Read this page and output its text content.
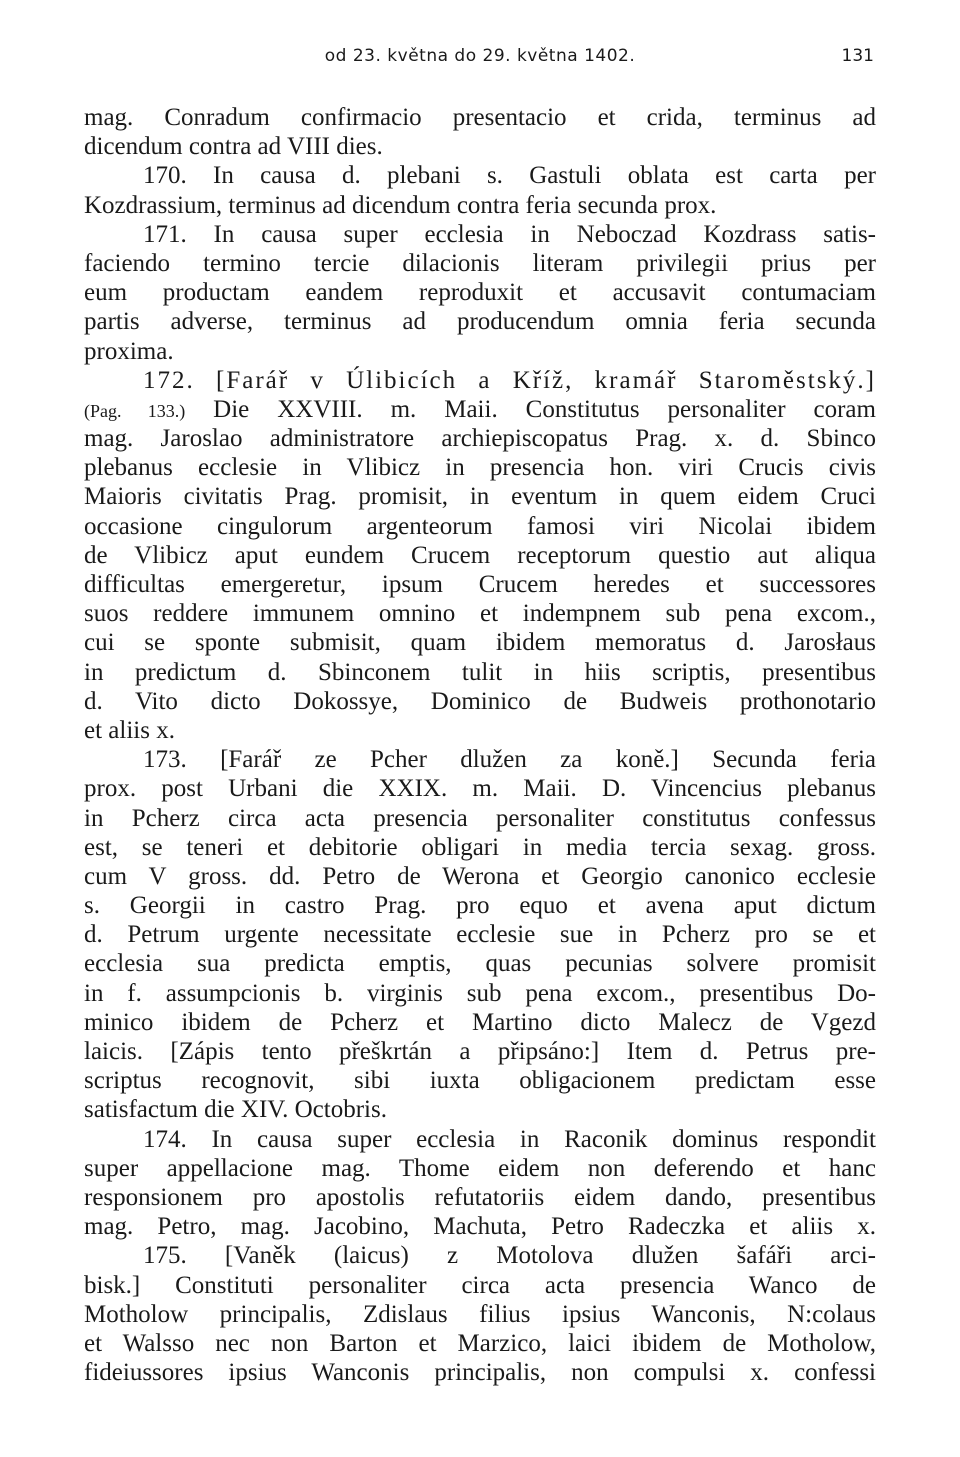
od 23. května do 29. května 1402.	131
mag. Conradum confirmacio presentacio et crida, terminus ad
dicendum contra ad VIII dies.
170. In causa d. plebani s. Gastuli oblata est carta per
Kozdrassium, terminus ad dicendum contra feria secunda prox.
171. In causa super ecclesia in Neboczad Kozdrass satis-
faciendo termino tercie dilacionis literam privilegii prius per
eum productam eandem reproduxit et accusavit contumaciam
partis adverse, terminus ad producendum omnia feria secunda
proxima.
172. [Farář v Úlibicích a Kříž, kramář Staroměstský.]
(Pag. 133.) Die XXVIII. m. Maii. Constitutus personaliter coram
mag. Jaroslao administratore archiepiscopatus Prag. x. d. Sbinco
plebanus ecclesie in Vlibicz in presencia hon. viri Crucis civis
Maioris civitatis Prag. promisit, in eventum in quem eidem Cruci
occasione cingulorum argenteorum famosi viri Nicolai ibidem
de Vlibicz aput eundem Crucem receptorum questio aut aliqua
difficultas emergeretur, ipsum Crucem heredes et successores
suos reddere immunem omnino et indempnem sub pena excom.,
cui se sponte submisit, quam ibidem memoratus d. Jarosłaus
in predictum d. Sbinconem tulit in hiis scriptis, presentibus
d. Vito dicto Dokossye, Dominico de Budweis prothonotario
et aliis x.
173. [Farář ze Pcher dlužen za koně.] Secunda feria
prox. post Urbani die XXIX. m. Maii. D. Vincencius plebanus
in Pcherz circa acta presencia personaliter constitutus confessus
est, se teneri et debitorie obligari in media tercia sexag. gross.
cum V gross. dd. Petro de Werona et Georgio canonico ecclesie
s. Georgii in castro Prag. pro equo et avena aput dictum
d. Petrum urgente necessitate ecclesie sue in Pcherz pro se et
ecclesia sua predicta emptis, quas pecunias solvere promisit
in f. assumpcionis b. virginis sub pena excom., presentibus Do-
minico ibidem de Pcherz et Martino dicto Malecz de Vgezd
laicis. [Zápis tento přeškrtán a připsáno:] Item d. Petrus pre-
scriptus recognovit, sibi iuxta obligacionem predictam esse
satisfactum die XIV. Octobris.
174. In causa super ecclesia in Raconik dominus respondit
super appellacione mag. Thome eidem non deferendo et hanc
responsionem pro apostolis refutatoriis eidem dando, presentibus
mag. Petro, mag. Jacobino, Machuta, Petro Radeczka et aliis x.
175. [Vaněk (laicus) z Motolova dlužen šafáři arci-
bisk.] Constituti personaliter circa acta presencia Wanco de
Motholow principalis, Zdislaus filius ipsius Wanconis, N:colaus
et Walsso nec non Barton et Marzico, laici ibidem de Motholow,
fideiussores ipsius Wanconis principalis, non compulsi x. confessi
